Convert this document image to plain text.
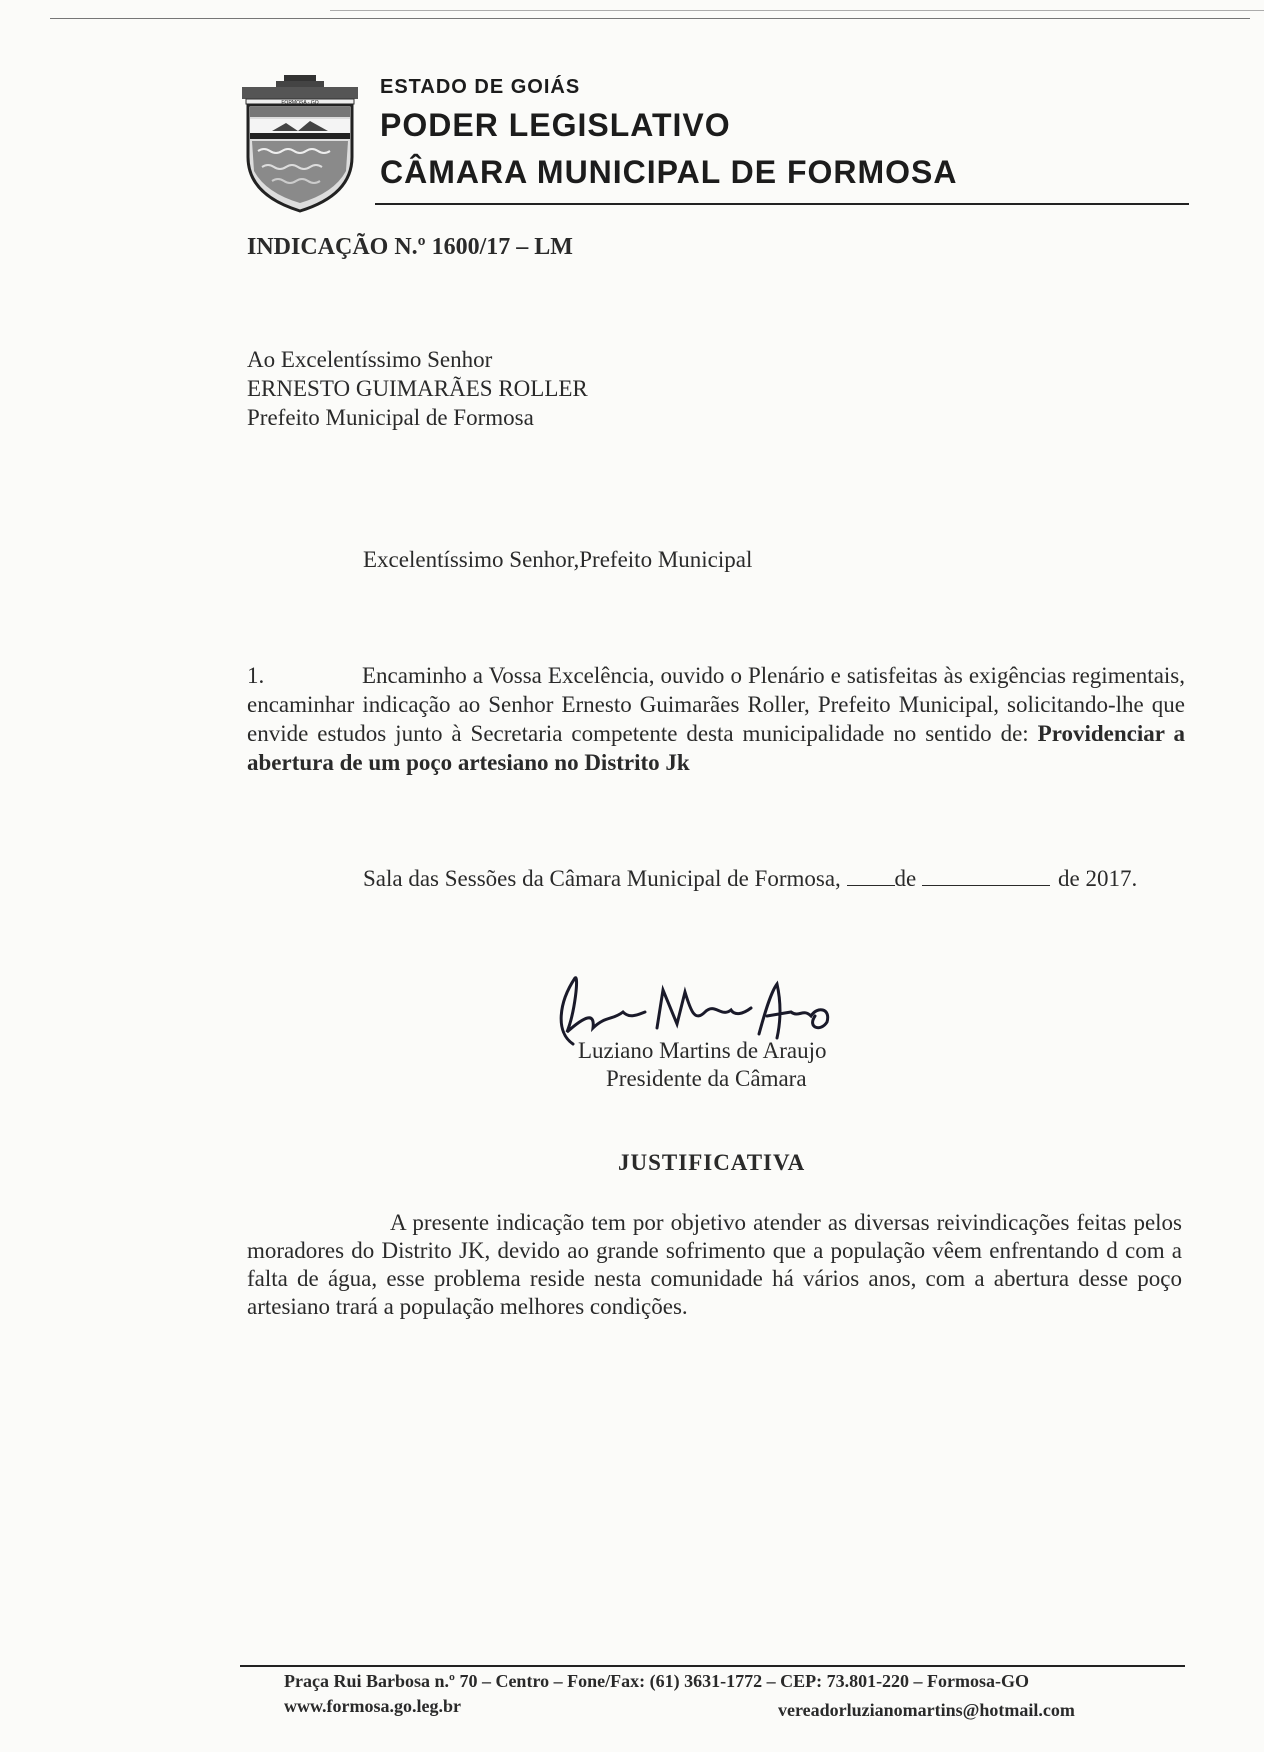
FORMOSA - GO
ESTADO DE GOIÁS
PODER LEGISLATIVO
CÂMARA MUNICIPAL DE FORMOSA
INDICAÇÃO N.º 1600/17 – LM
Ao Excelentíssimo Senhor
ERNESTO GUIMARÃES ROLLER
Prefeito Municipal de Formosa
Excelentíssimo Senhor,Prefeito Municipal
1.	Encaminho a Vossa Excelência, ouvido o Plenário e satisfeitas às exigências regimentais, encaminhar indicação ao Senhor Ernesto Guimarães Roller, Prefeito Municipal, solicitando-lhe que envide estudos junto à Secretaria competente desta municipalidade no sentido de: Providenciar a abertura de um poço artesiano no Distrito Jk
Sala das Sessões da Câmara Municipal de Formosa, de	de 2017.
Luziano Martins de Araujo
Presidente da Câmara
JUSTIFICATIVA
A presente indicação tem por objetivo atender as diversas reivindicações feitas pelos moradores do Distrito JK, devido ao grande sofrimento que a população vêem enfrentando d com a falta de água, esse problema reside nesta comunidade há vários anos, com a abertura desse poço artesiano trará a população melhores condições.
Praça Rui Barbosa n.º 70 – Centro – Fone/Fax: (61) 3631-1772 – CEP: 73.801-220 – Formosa-GO
www.formosa.go.leg.br	vereadorluzianomartins@hotmail.com
